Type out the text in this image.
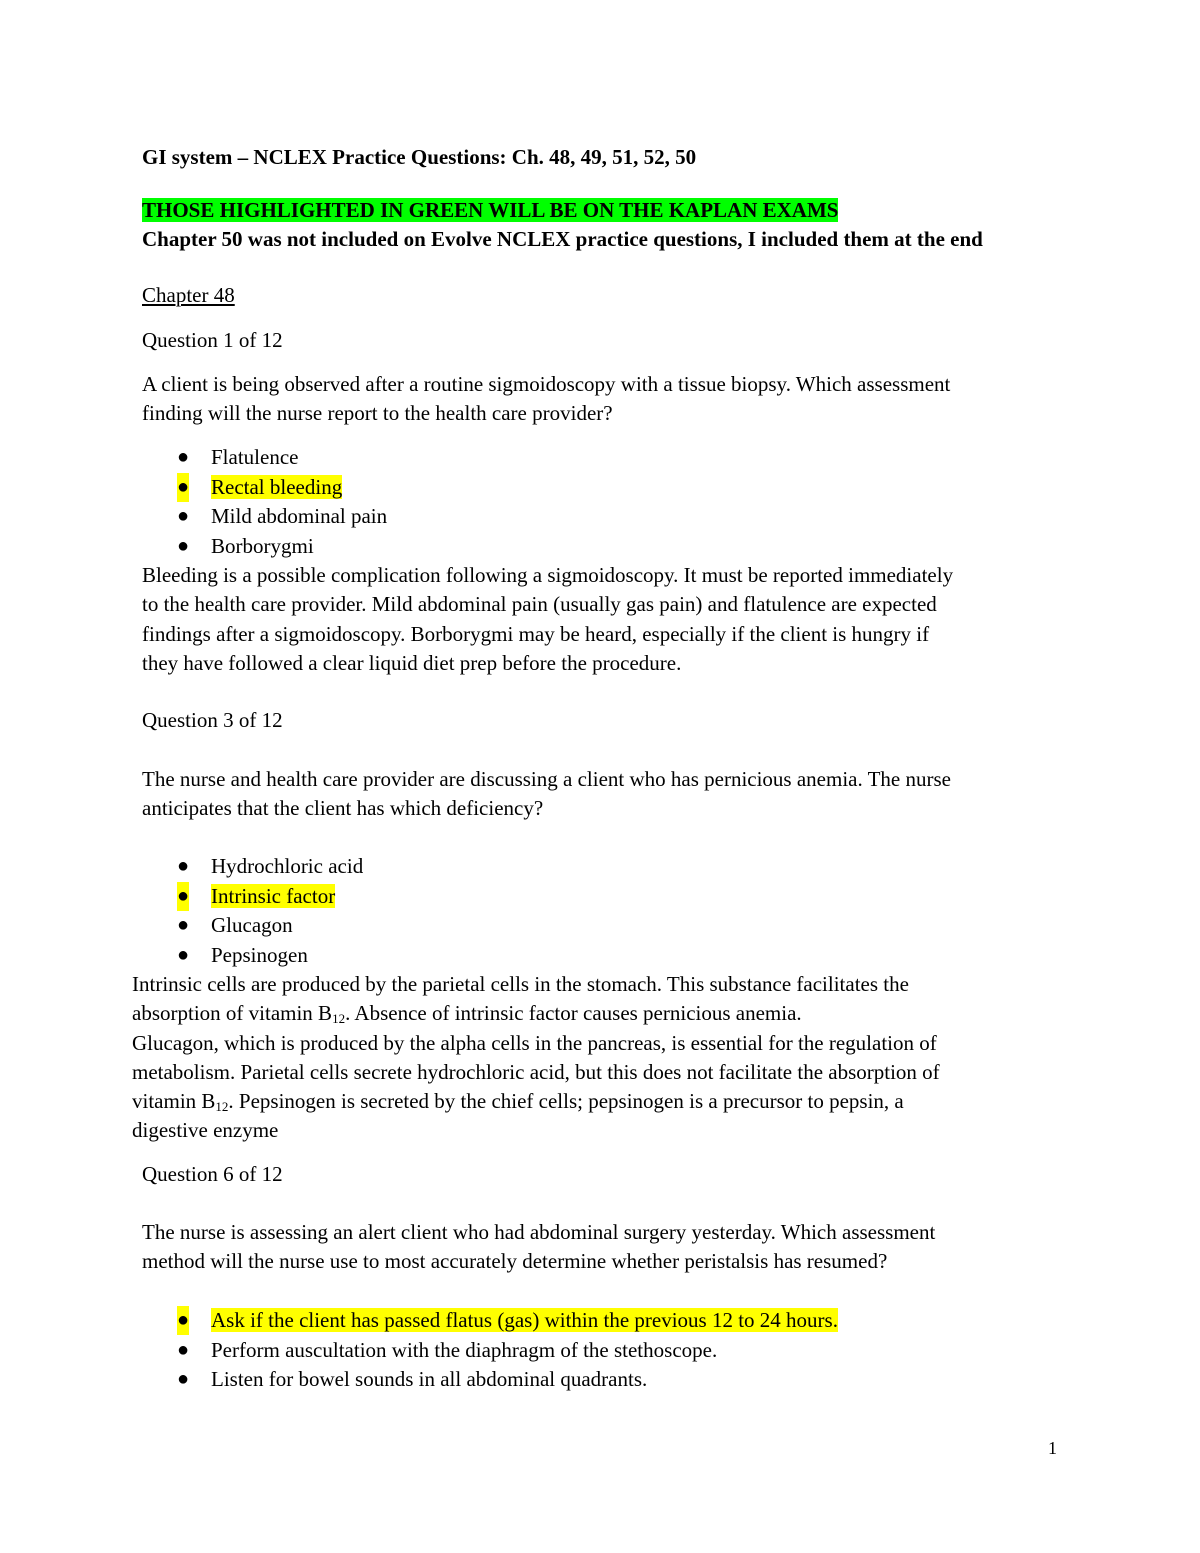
GI system – NCLEX Practice Questions: Ch. 48, 49, 51, 52, 50
THOSE HIGHLIGHTED IN GREEN WILL BE ON THE KAPLAN EXAMS
Chapter 50 was not included on Evolve NCLEX practice questions, I included them at the end
Chapter 48
Question 1 of 12
A client is being observed after a routine sigmoidoscopy with a tissue biopsy. Which assessment
finding will the nurse report to the health care provider?
● Flatulence
● Rectal bleeding
● Mild abdominal pain
● Borborygmi
Bleeding is a possible complication following a sigmoidoscopy. It must be reported immediately
to the health care provider. Mild abdominal pain (usually gas pain) and flatulence are expected
findings after a sigmoidoscopy. Borborygmi may be heard, especially if the client is hungry if
they have followed a clear liquid diet prep before the procedure.
Question 3 of 12
The nurse and health care provider are discussing a client who has pernicious anemia. The nurse
anticipates that the client has which deficiency?
● Hydrochloric acid
● Intrinsic factor
● Glucagon
● Pepsinogen
Intrinsic cells are produced by the parietal cells in the stomach. This substance facilitates the
absorption of vitamin $B_{12}$. Absence of intrinsic factor causes pernicious anemia.
Glucagon, which is produced by the alpha cells in the pancreas, is essential for the regulation of
metabolism. Parietal cells secrete hydrochloric acid, but this does not facilitate the absorption of
vitamin $B_{12}$. Pepsinogen is secreted by the chief cells; pepsinogen is a precursor to pepsin, a
digestive enzyme
Question 6 of 12
The nurse is assessing an alert client who had abdominal surgery yesterday. Which assessment
method will the nurse use to most accurately determine whether peristalsis has resumed?
● Ask if the client has passed flatus (gas) within the previous 12 to 24 hours.
● Perform auscultation with the diaphragm of the stethoscope.
● Listen for bowel sounds in all abdominal quadrants.
1
